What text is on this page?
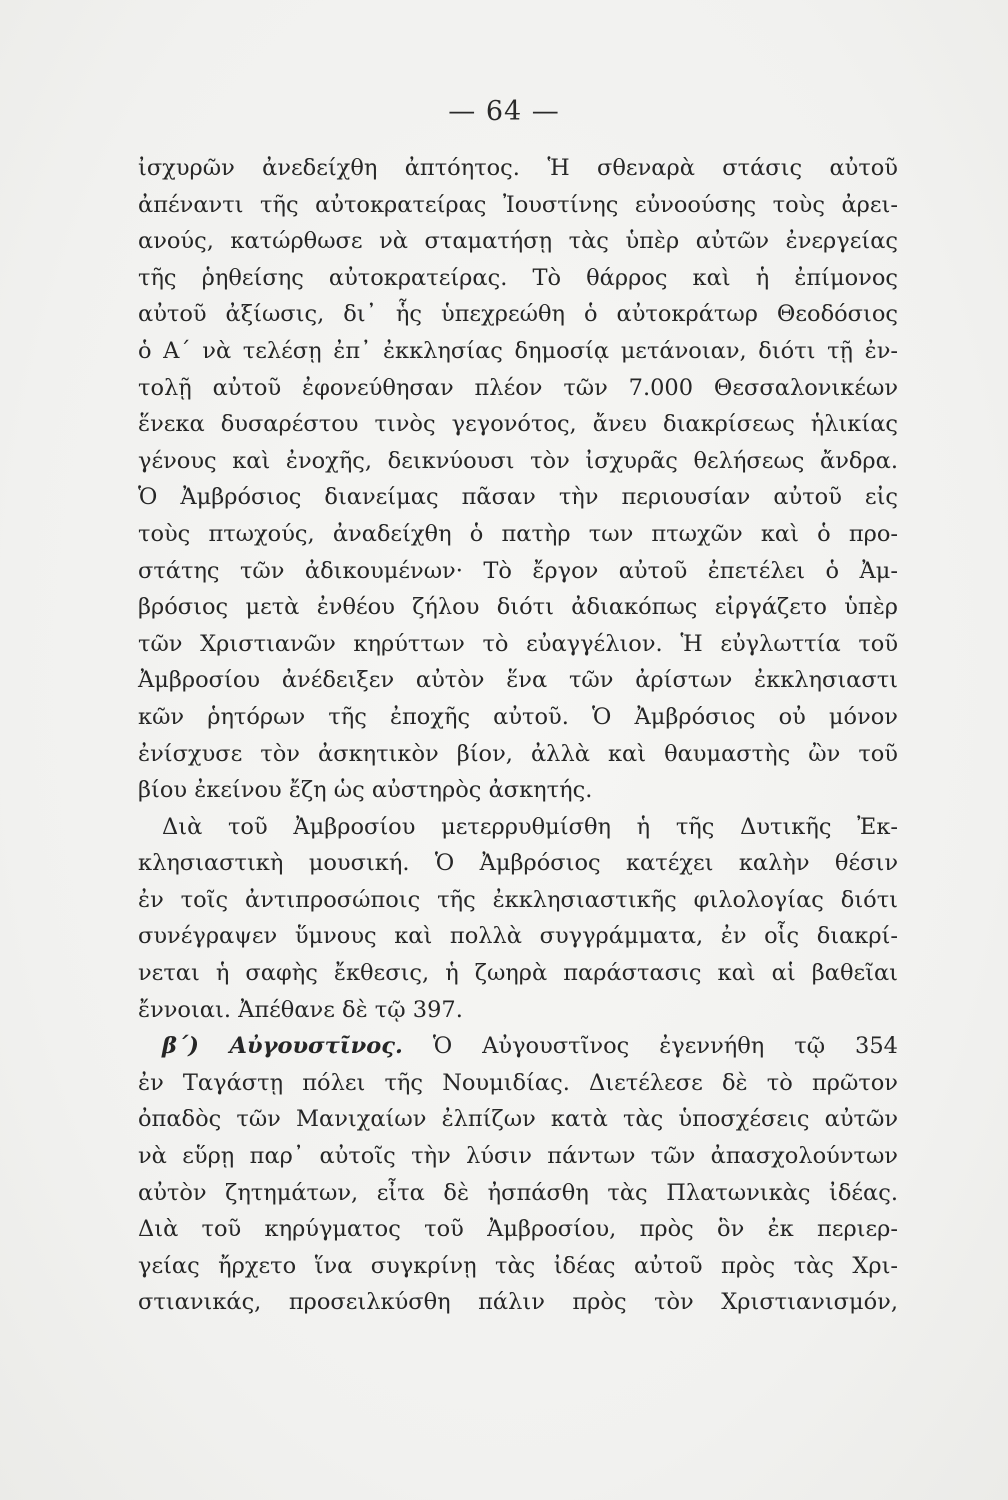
— 64 —
ἰσχυρῶν ἀνεδείχθη ἀπτόητος. Ἡ σθεναρὰ στάσις αὐτοῦ
ἀπέναντι τῆς αὐτοκρατείρας Ἰουστίνης εὐνοούσης τοὺς ἀρει-
ανούς, κατώρθωσε νὰ σταματήσῃ τὰς ὑπὲρ αὐτῶν ἐνεργείας
τῆς ῥηθείσης αὐτοκρατείρας. Τὸ θάρρος καὶ ἡ ἐπίμονος
αὐτοῦ ἀξίωσις, δι᾽ ἧς ὑπεχρεώθη ὁ αὐτοκράτωρ Θεοδόσιος
ὁ Α΄ νὰ τελέσῃ ἐπ᾽ ἐκκλησίας δημοσίᾳ μετάνοιαν, διότι τῇ ἐν-
τολῇ αὐτοῦ ἐφονεύθησαν πλέον τῶν 7.000 Θεσσαλονικέων
ἕνεκα δυσαρέστου τινὸς γεγονότος, ἄνευ διακρίσεως ἡλικίας
γένους καὶ ἐνοχῆς, δεικνύουσι τὸν ἰσχυρᾶς θελήσεως ἄνδρα.
Ὁ Ἀμβρόσιος διανείμας πᾶσαν τὴν περιουσίαν αὐτοῦ εἰς
τοὺς πτωχούς, ἀναδείχθη ὁ πατὴρ των πτωχῶν καὶ ὁ προ-
στάτης τῶν ἀδικουμένων· Τὸ ἔργον αὐτοῦ ἐπετέλει ὁ Ἀμ-
βρόσιος μετὰ ἐνθέου ζήλου διότι ἀδιακόπως εἰργάζετο ὑπὲρ
τῶν Χριστιανῶν κηρύττων τὸ εὐαγγέλιον. Ἡ εὐγλωττία τοῦ
Ἀμβροσίου ἀνέδειξεν αὐτὸν ἕνα τῶν ἀρίστων ἐκκλησιαστι
κῶν ῥητόρων τῆς ἐποχῆς αὐτοῦ. Ὁ Ἀμβρόσιος οὐ μόνον
ἐνίσχυσε τὸν ἀσκητικὸν βίον, ἀλλὰ καὶ θαυμαστὴς ὢν τοῦ
βίου ἐκείνου ἔζη ὡς αὐστηρὸς ἀσκητής.
Διὰ τοῦ Ἀμβροσίου μετερρυθμίσθη ἡ τῆς Δυτικῆς Ἐκ-
κλησιαστικὴ μουσική. Ὁ Ἀμβρόσιος κατέχει καλὴν θέσιν
ἐν τοῖς ἀντιπροσώποις τῆς ἐκκλησιαστικῆς φιλολογίας διότι
συνέγραψεν ὕμνους καὶ πολλὰ συγγράμματα, ἐν οἷς διακρί-
νεται ἡ σαφὴς ἔκθεσις, ἡ ζωηρὰ παράστασις καὶ αἱ βαθεῖαι
ἔννοιαι. Ἀπέθανε δὲ τῷ 397.
β΄) Αὐγουστῖνος. Ὁ Αὐγουστῖνος ἐγεννήθη τῷ 354
ἐν Ταγάστῃ πόλει τῆς Νουμιδίας. Διετέλεσε δὲ τὸ πρῶτον
ὀπαδὸς τῶν Μανιχαίων ἐλπίζων κατὰ τὰς ὑποσχέσεις αὐτῶν
νὰ εὕρῃ παρ᾽ αὐτοῖς τὴν λύσιν πάντων τῶν ἀπασχολούντων
αὐτὸν ζητημάτων, εἶτα δὲ ἠσπάσθη τὰς Πλατωνικὰς ἰδέας.
Διὰ τοῦ κηρύγματος τοῦ Ἀμβροσίου, πρὸς ὃν ἐκ περιερ-
γείας ἤρχετο ἵνα συγκρίνῃ τὰς ἰδέας αὐτοῦ πρὸς τὰς Χρι-
στιανικάς, προσειλκύσθη πάλιν πρὸς τὸν Χριστιανισμόν,
